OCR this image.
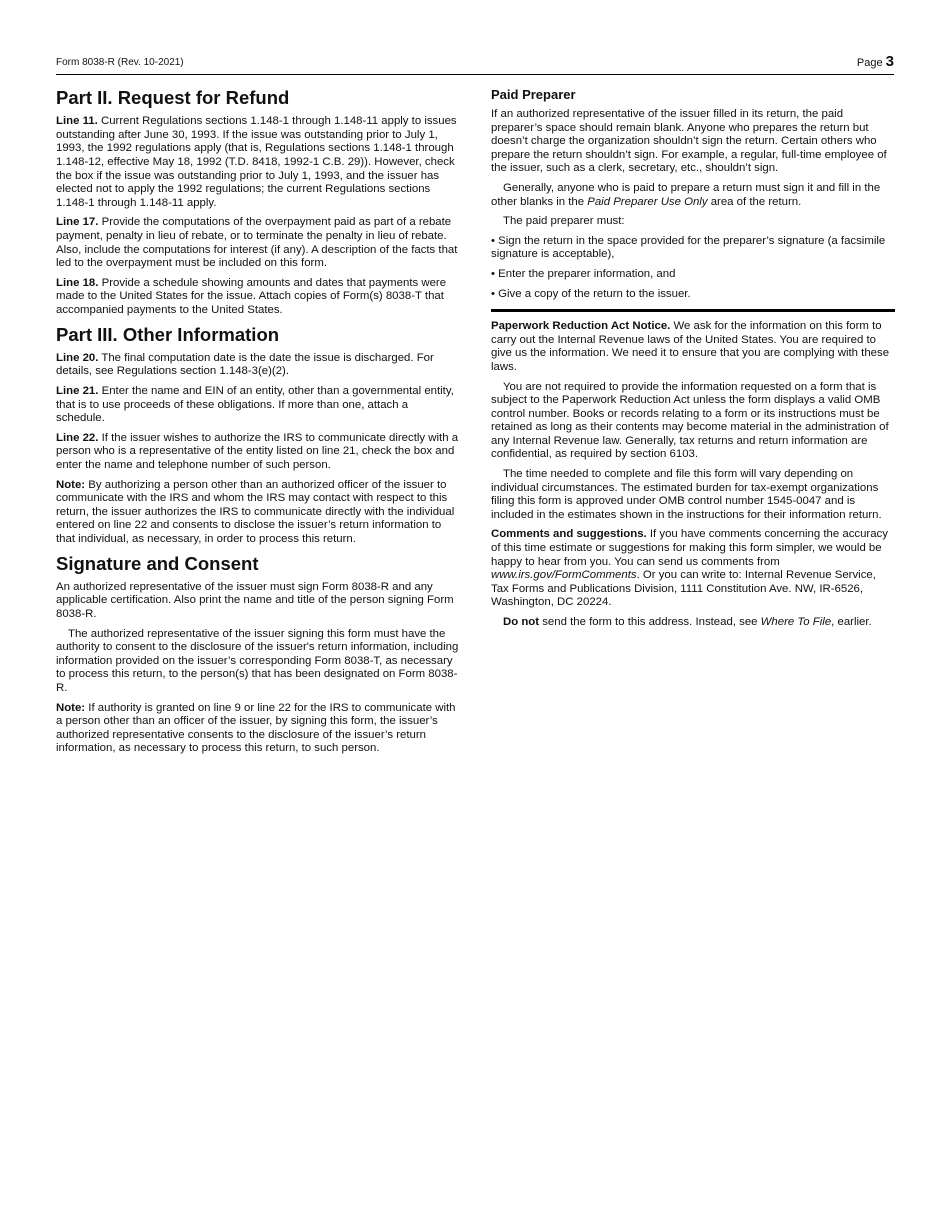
Form 8038-R (Rev. 10-2021)	Page 3
Part II. Request for Refund

Line 11. Current Regulations sections 1.148-1 through 1.148-11 apply to issues outstanding after June 30, 1993. If the issue was outstanding prior to July 1, 1993, the 1992 regulations apply (that is, Regulations sections 1.148-1 through 1.148-12, effective May 18, 1992 (T.D. 8418, 1992-1 C.B. 29)). However, check the box if the issue was outstanding prior to July 1, 1993, and the issuer has elected not to apply the 1992 regulations; the current Regulations sections 1.148-1 through 1.148-11 apply.

Line 17. Provide the computations of the overpayment paid as part of a rebate payment, penalty in lieu of rebate, or to terminate the penalty in lieu of rebate. Also, include the computations for interest (if any). A description of the facts that led to the overpayment must be included on this form.

Line 18. Provide a schedule showing amounts and dates that payments were made to the United States for the issue. Attach copies of Form(s) 8038-T that accompanied payments to the United States.

Part III. Other Information

Line 20. The final computation date is the date the issue is discharged. For details, see Regulations section 1.148-3(e)(2).

Line 21. Enter the name and EIN of an entity, other than a governmental entity, that is to use proceeds of these obligations. If more than one, attach a schedule.

Line 22. If the issuer wishes to authorize the IRS to communicate directly with a person who is a representative of the entity listed on line 21, check the box and enter the name and telephone number of such person.

Note: By authorizing a person other than an authorized officer of the issuer to communicate with the IRS and whom the IRS may contact with respect to this return, the issuer authorizes the IRS to communicate directly with the individual entered on line 22 and consents to disclose the issuer’s return information to that individual, as necessary, in order to process this return.

Signature and Consent

An authorized representative of the issuer must sign Form 8038-R and any applicable certification. Also print the name and title of the person signing Form 8038-R.

The authorized representative of the issuer signing this form must have the authority to consent to the disclosure of the issuer's return information, including information provided on the issuer’s corresponding Form 8038-T, as necessary to process this return, to the person(s) that has been designated on Form 8038-R.

Note: If authority is granted on line 9 or line 22 for the IRS to communicate with a person other than an officer of the issuer, by signing this form, the issuer’s authorized representative consents to the disclosure of the issuer’s return information, as necessary to process this return, to such person.

Paid Preparer

If an authorized representative of the issuer filled in its return, the paid preparer’s space should remain blank. Anyone who prepares the return but doesn’t charge the organization shouldn’t sign the return. Certain others who prepare the return shouldn’t sign. For example, a regular, full-time employee of the issuer, such as a clerk, secretary, etc., shouldn’t sign.

Generally, anyone who is paid to prepare a return must sign it and fill in the other blanks in the Paid Preparer Use Only area of the return.

The paid preparer must:

• Sign the return in the space provided for the preparer’s signature (a facsimile signature is acceptable),

• Enter the preparer information, and

• Give a copy of the return to the issuer.

Paperwork Reduction Act Notice. We ask for the information on this form to carry out the Internal Revenue laws of the United States. You are required to give us the information. We need it to ensure that you are complying with these laws.

You are not required to provide the information requested on a form that is subject to the Paperwork Reduction Act unless the form displays a valid OMB control number. Books or records relating to a form or its instructions must be retained as long as their contents may become material in the administration of any Internal Revenue law. Generally, tax returns and return information are confidential, as required by section 6103.

The time needed to complete and file this form will vary depending on individual circumstances. The estimated burden for tax-exempt organizations filing this form is approved under OMB control number 1545-0047 and is included in the estimates shown in the instructions for their information return.

Comments and suggestions. If you have comments concerning the accuracy of this time estimate or suggestions for making this form simpler, we would be happy to hear from you. You can send us comments from www.irs.gov/FormComments. Or you can write to: Internal Revenue Service, Tax Forms and Publications Division, 1111 Constitution Ave. NW, IR-6526, Washington, DC 20224.

Do not send the form to this address. Instead, see Where To File, earlier.
